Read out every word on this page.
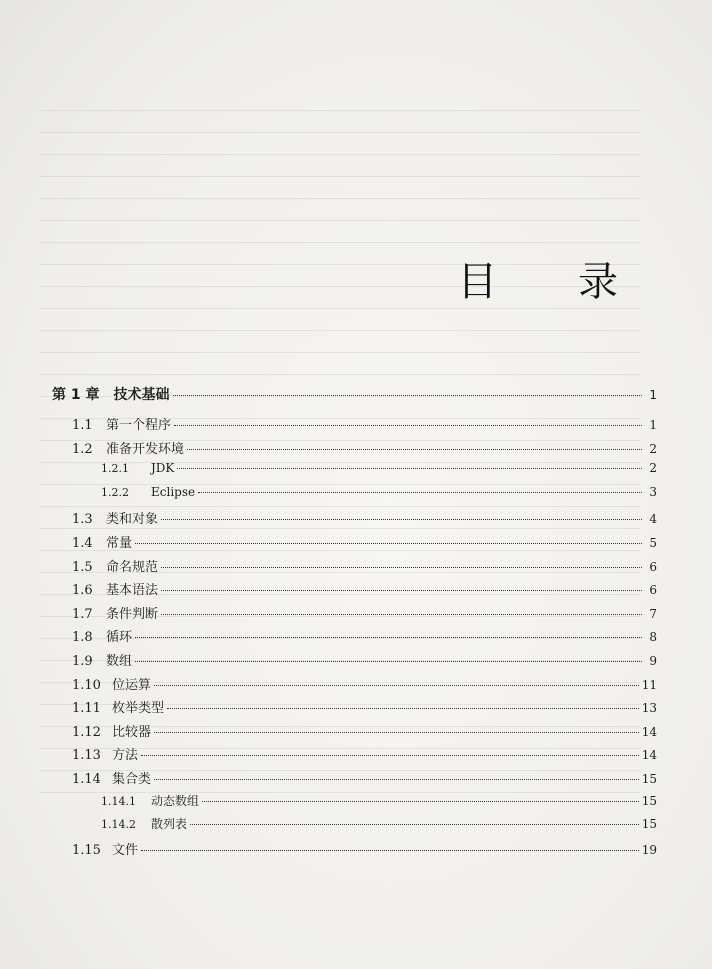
目 录
第 1 章　技术基础	1
1.1	第一个程序	1
1.2	准备开发环境	2
1.2.1	JDK	2
1.2.2	Eclipse	3
1.3	类和对象	4
1.4	常量	5
1.5	命名规范	6
1.6	基本语法	6
1.7	条件判断	7
1.8	循环	8
1.9	数组	9
1.10 位运算	11
1.11 枚举类型	13
1.12 比较器	14
1.13 方法	14
1.14 集合类	15
1.14.1	动态数组	15
1.14.2	散列表	15
1.15 文件	19
